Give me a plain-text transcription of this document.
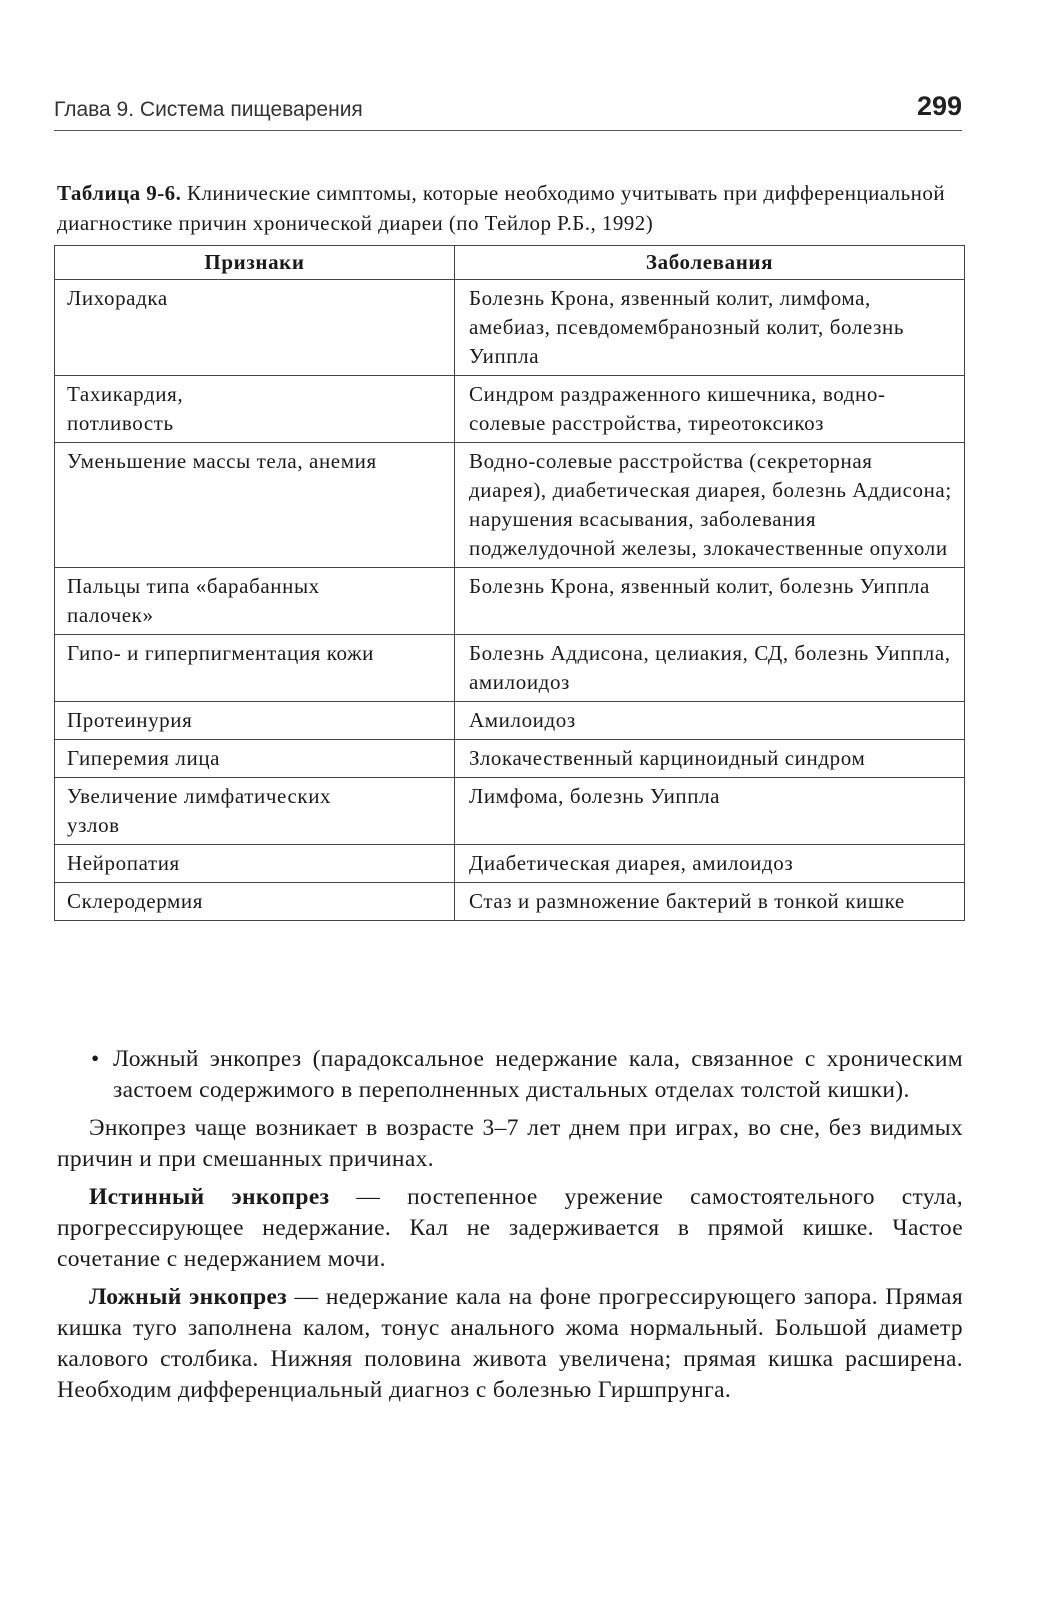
Глава 9. Система пищеварения	299
Таблица 9-6. Клинические симптомы, которые необходимо учитывать при дифференциальной диагностике причин хронической диареи (по Тейлор Р.Б., 1992)
Признаки	Заболевания
Лихорадка	Болезнь Крона, язвенный колит, лимфома, амебиаз, псевдомембранозный колит, болезнь Уиппла
Тахикардия, потливость	Синдром раздраженного кишечника, водно-солевые расстройства, тиреотоксикоз
Уменьшение массы тела, анемия	Водно-солевые расстройства (секреторная диарея), диабетическая диарея, болезнь Аддисона; нарушения всасывания, заболевания поджелудочной железы, злокачественные опухоли
Пальцы типа «барабанных палочек»	Болезнь Крона, язвенный колит, болезнь Уиппла
Гипо- и гиперпигментация кожи	Болезнь Аддисона, целиакия, СД, болезнь Уиппла, амилоидоз
Протеинурия	Амилоидоз
Гиперемия лица	Злокачественный карциноидный синдром
Увеличение лимфатических узлов	Лимфома, болезнь Уиппла
Нейропатия	Диабетическая диарея, амилоидоз
Склеродермия	Стаз и размножение бактерий в тонкой кишке

• Ложный энкопрез (парадоксальное недержание кала, связанное с хроническим застоем содержимого в переполненных дистальных отделах толстой кишки).

Энкопрез чаще возникает в возрасте 3–7 лет днем при играх, во сне, без видимых причин и при смешанных причинах.

Истинный энкопрез — постепенное урежение самостоятельного стула, прогрессирующее недержание. Кал не задерживается в прямой кишке. Частое сочетание с недержанием мочи.

Ложный энкопрез — недержание кала на фоне прогрессирующего запора. Прямая кишка туго заполнена калом, тонус анального жома нормальный. Большой диаметр калового столбика. Нижняя половина живота увеличена; прямая кишка расширена. Необходим дифференциальный диагноз с болезнью Гиршпрунга.
